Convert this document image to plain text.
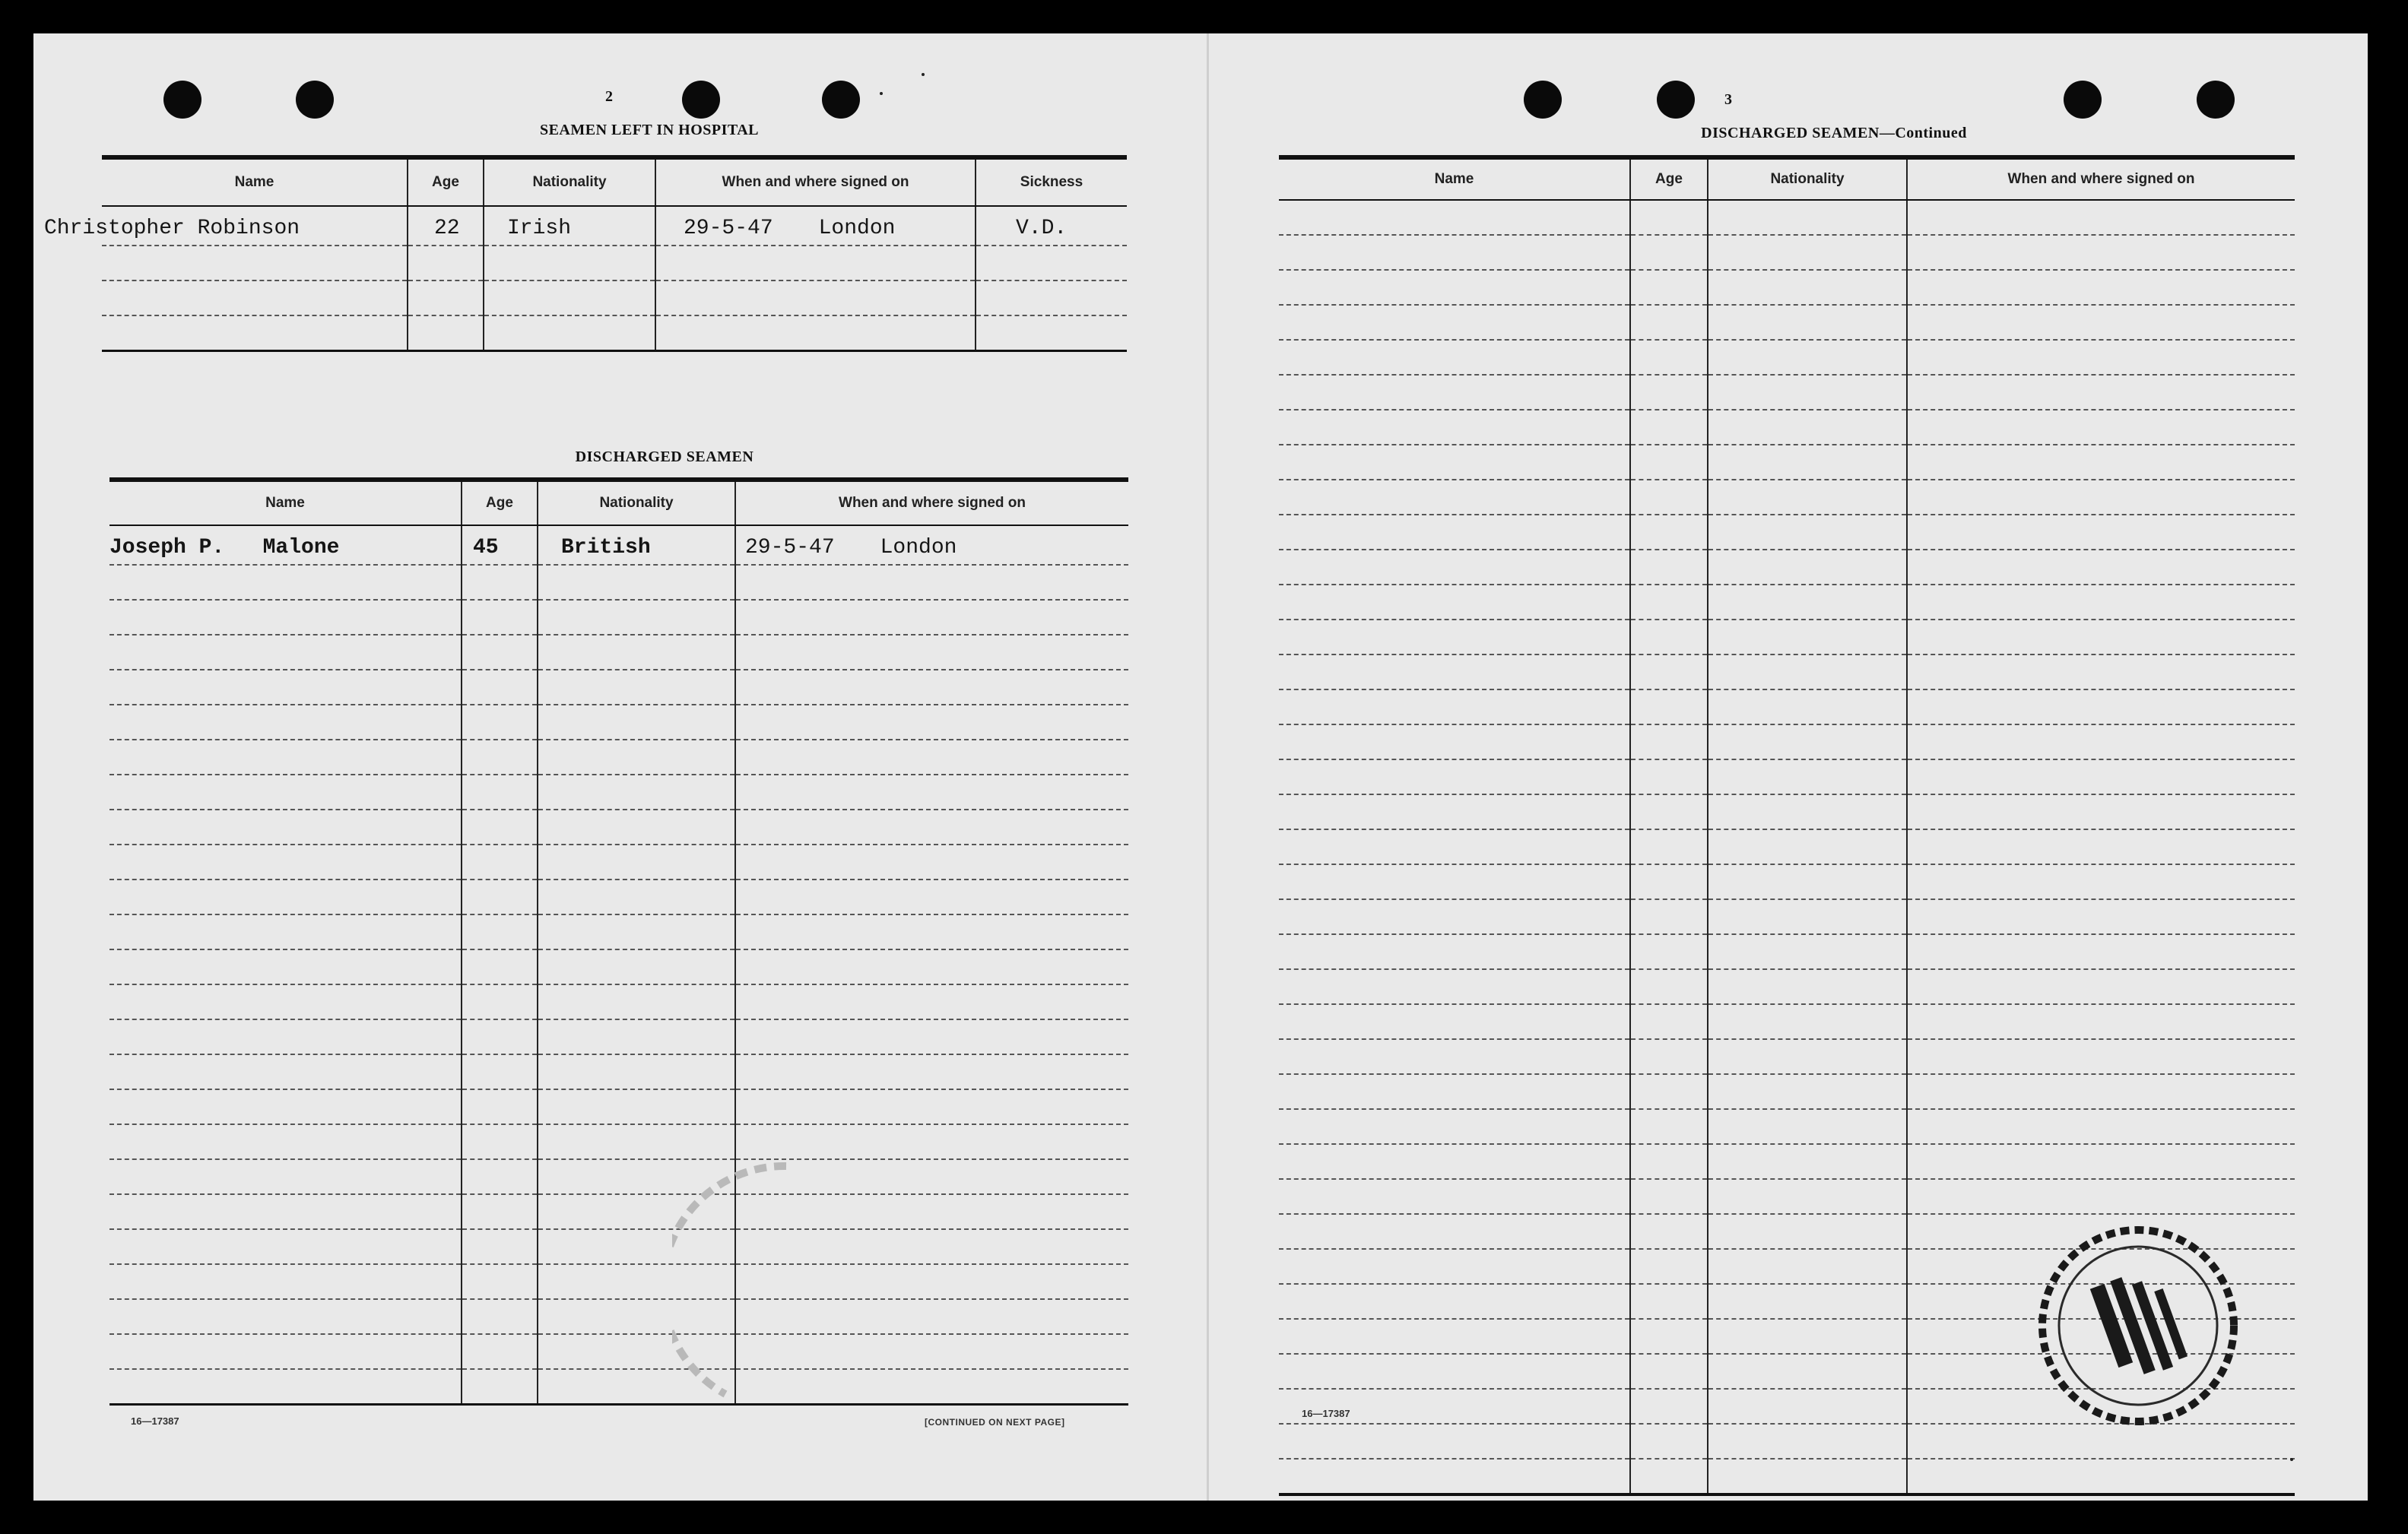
2
SEAMEN LEFT IN HOSPITAL
Name	Age	Nationality	When and where signed on	Sickness
Christopher Robinson	22	Irish	29-5-47 London	V.D.

DISCHARGED SEAMEN
Name	Age	Nationality	When and where signed on
Joseph P.   Malone	45	British	29-5-47 London

16—17387	[CONTINUED ON NEXT PAGE]
3
DISCHARGED SEAMEN—Continued
Name	Age	Nationality	When and where signed on

16—17387
